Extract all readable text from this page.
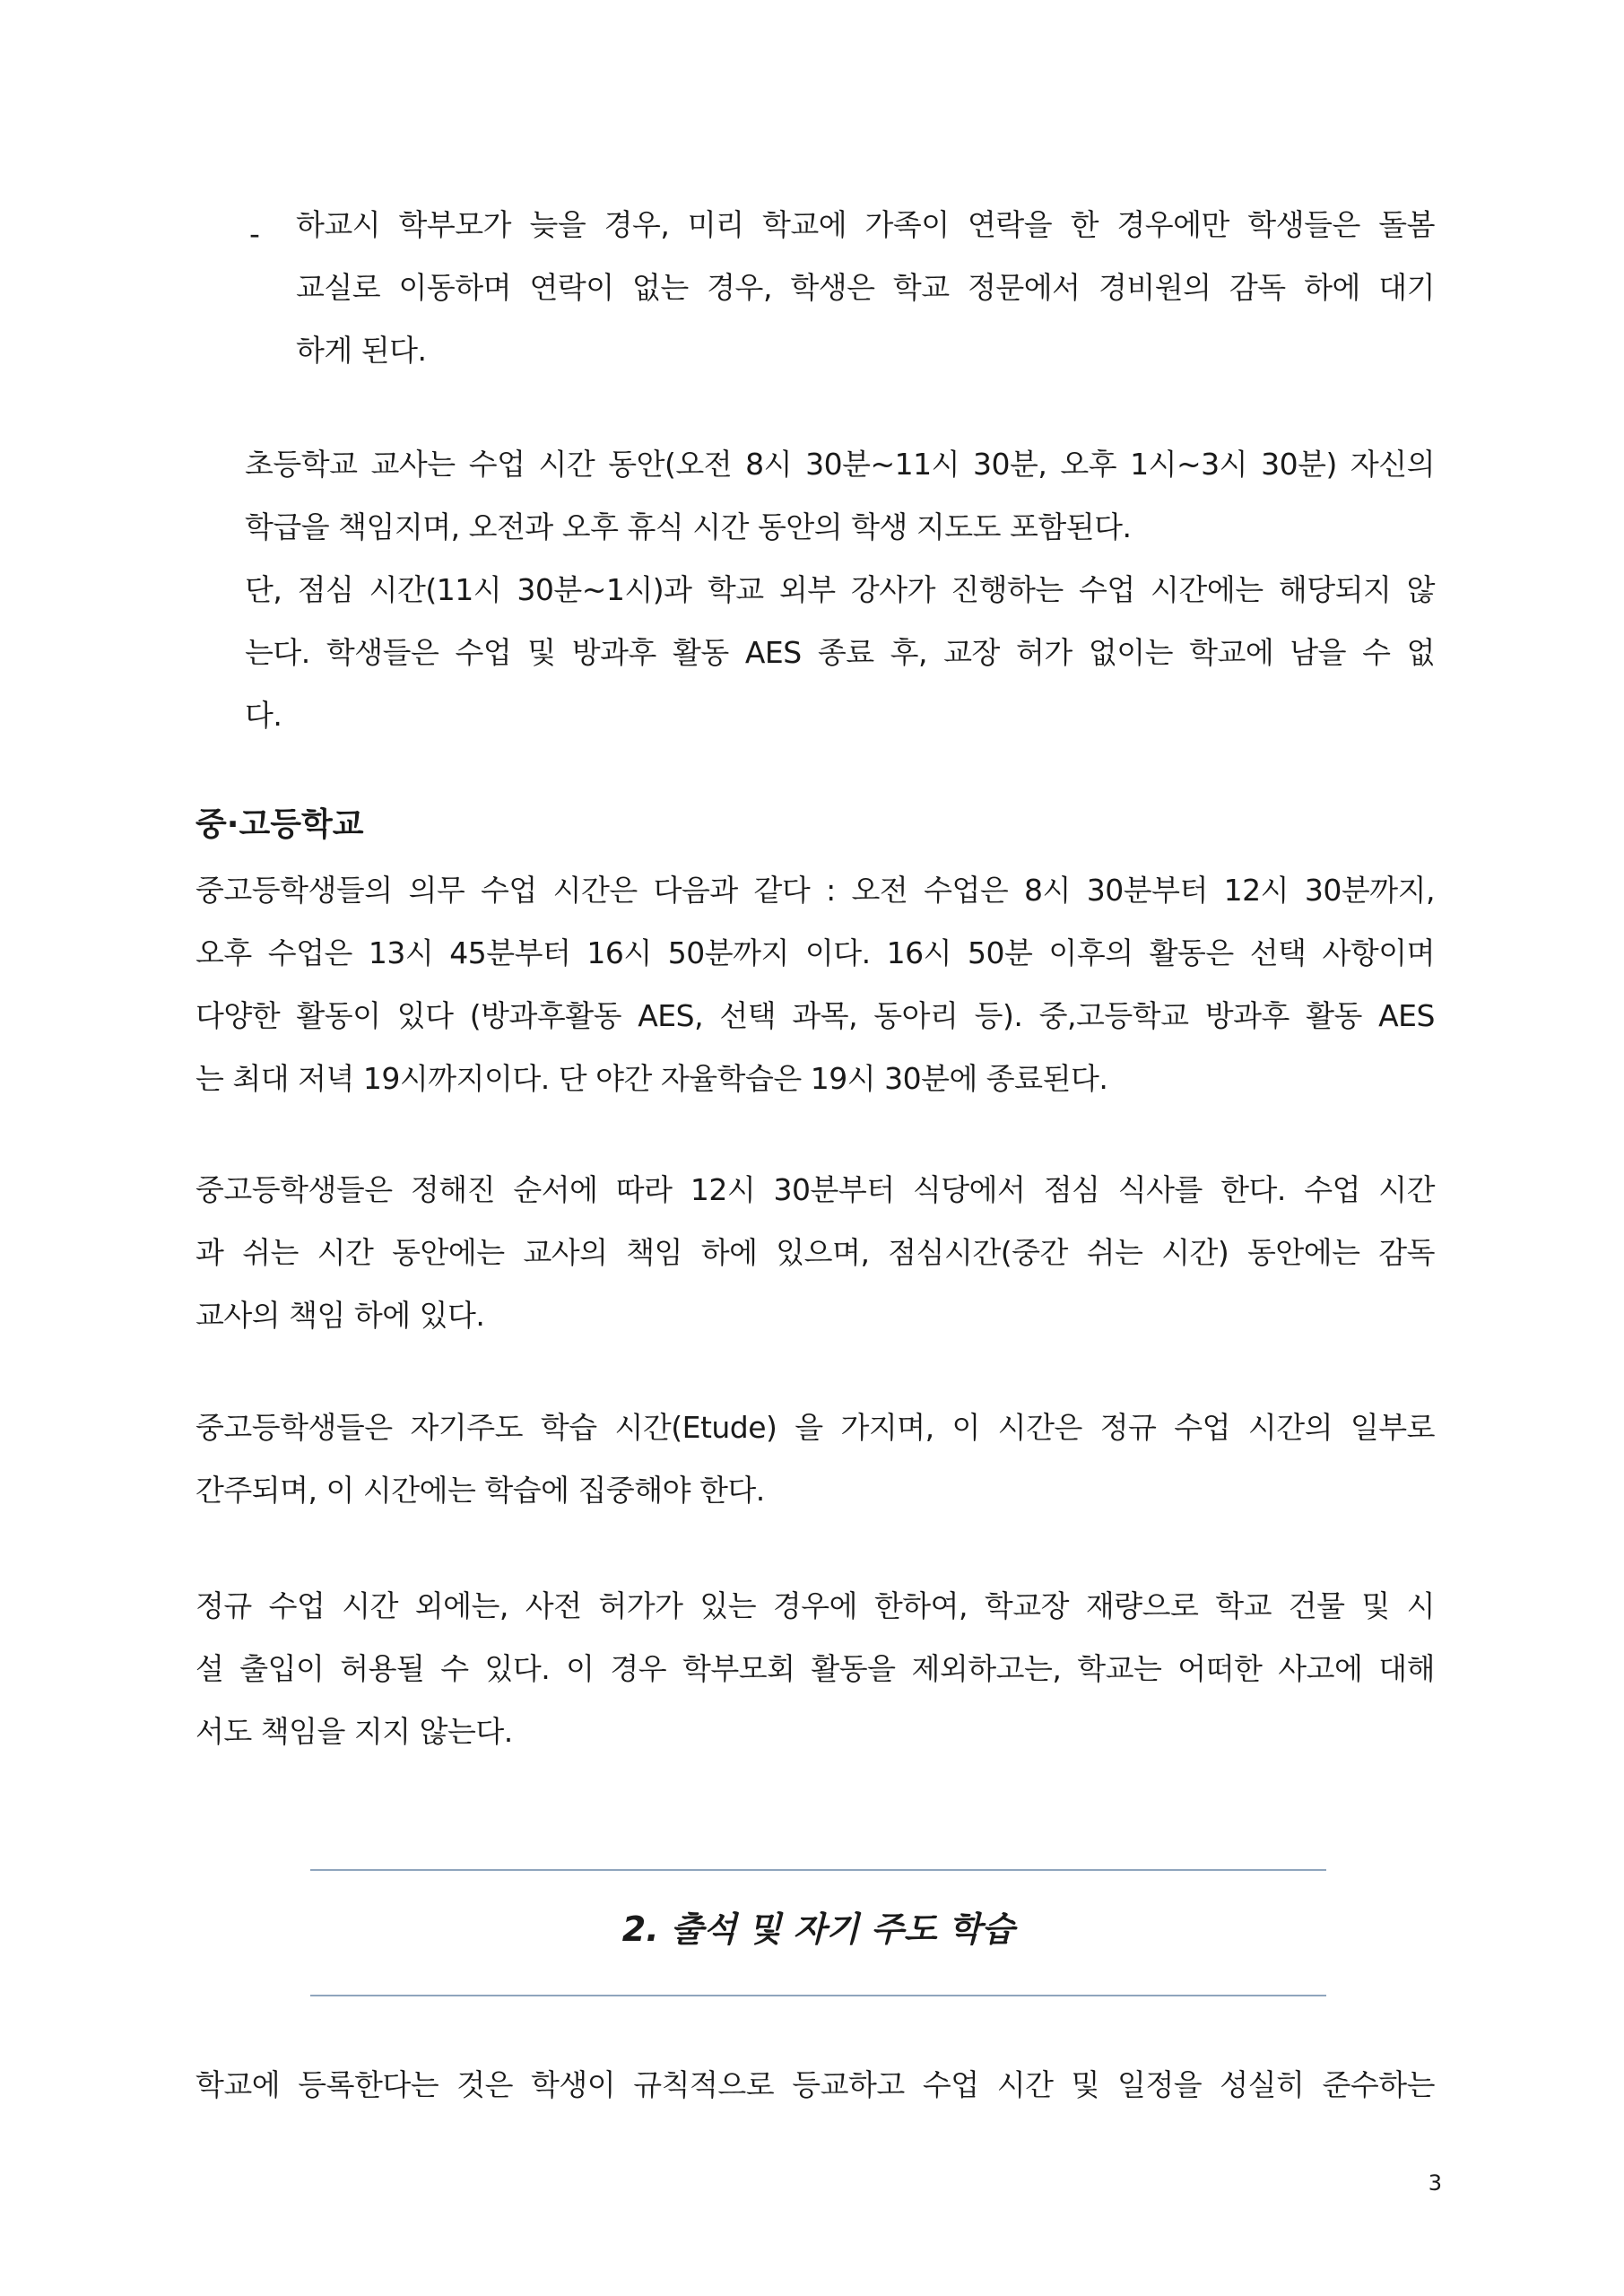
- 하교시 학부모가 늦을 경우, 미리 학교에 가족이 연락을 한 경우에만 학생들은 돌봄
교실로 이동하며 연락이 없는 경우, 학생은 학교 정문에서 경비원의 감독 하에 대기
하게 된다.
초등학교 교사는 수업 시간 동안(오전 8시 30분~11시 30분, 오후 1시~3시 30분) 자신의
학급을 책임지며, 오전과 오후 휴식 시간 동안의 학생 지도도 포함된다.
단, 점심 시간(11시 30분~1시)과 학교 외부 강사가 진행하는 수업 시간에는 해당되지 않
는다. 학생들은 수업 및 방과후 활동 AES 종료 후, 교장 허가 없이는 학교에 남을 수 없
다.
중·고등학교
중고등학생들의 의무 수업 시간은 다음과 같다 : 오전 수업은 8시 30분부터 12시 30분까지,
오후 수업은 13시 45분부터 16시 50분까지 이다. 16시 50분 이후의 활동은 선택 사항이며
다양한 활동이 있다 (방과후활동 AES, 선택 과목, 동아리 등). 중,고등학교 방과후 활동 AES
는 최대 저녁 19시까지이다. 단 야간 자율학습은 19시 30분에 종료된다.
중고등학생들은 정해진 순서에 따라 12시 30분부터 식당에서 점심 식사를 한다. 수업 시간
과 쉬는 시간 동안에는 교사의 책임 하에 있으며, 점심시간(중간 쉬는 시간) 동안에는 감독
교사의 책임 하에 있다.
중고등학생들은 자기주도 학습 시간(Etude) 을 가지며, 이 시간은 정규 수업 시간의 일부로
간주되며, 이 시간에는 학습에 집중해야 한다.
정규 수업 시간 외에는, 사전 허가가 있는 경우에 한하여, 학교장 재량으로 학교 건물 및 시
설 출입이 허용될 수 있다. 이 경우 학부모회 활동을 제외하고는, 학교는 어떠한 사고에 대해
서도 책임을 지지 않는다.
2. 출석 및 자기 주도 학습
학교에 등록한다는 것은 학생이 규칙적으로 등교하고 수업 시간 및 일정을 성실히 준수하는
3
